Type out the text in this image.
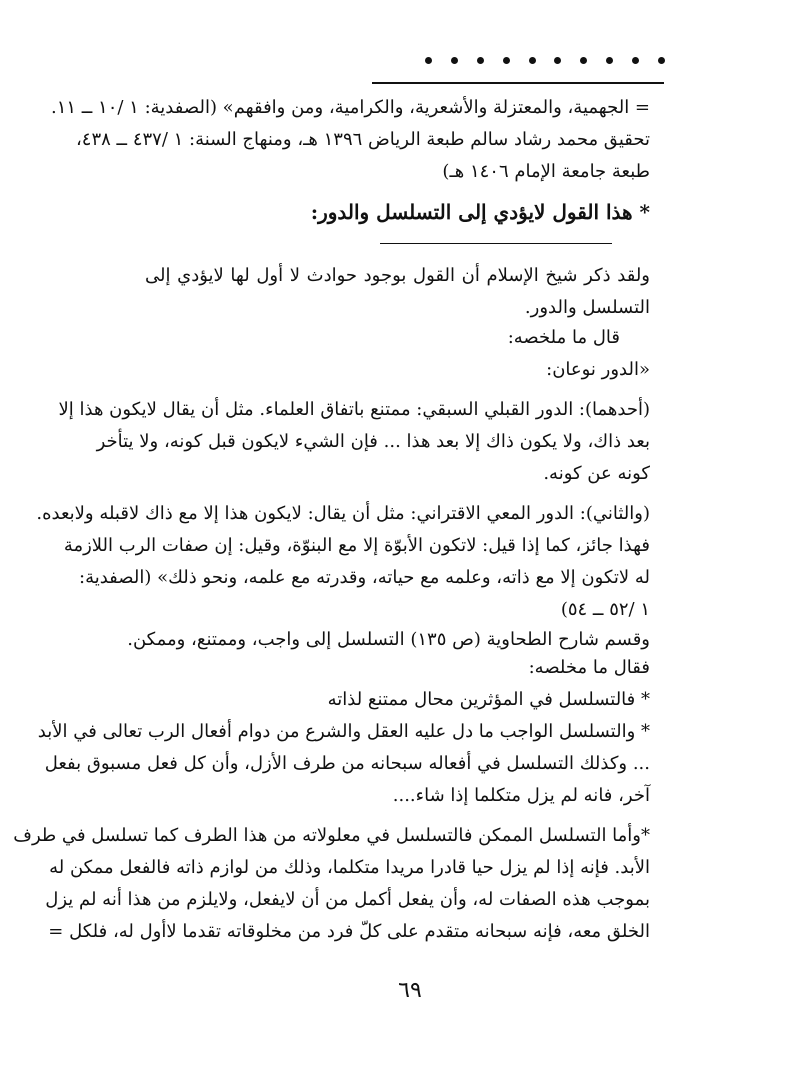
= الجهمية، والمعتزلة والأشعرية، والكرامية، ومن وافقهم» (الصفدية: ١ /١٠ ــ ١١.
تحقيق محمد رشاد سالم طبعة الرياض ١٣٩٦ هـ، ومنهاج السنة: ١ /٤٣٧ ــ ٤٣٨،
طبعة جامعة الإمام ١٤٠٦ هـ)
* هذا القول لايؤدي إلى التسلسل والدور:
ولقد ذكر شيخ الإسلام أن القول بوجود حوادث لا أول لها لايؤدي إلى
التسلسل والدور.
قال ما ملخصه:
«الدور نوعان:
(أحدهما): الدور القبلي السبقي: ممتنع باتفاق العلماء. مثل أن يقال لايكون هذا إلا
بعد ذاك، ولا يكون ذاك إلا بعد هذا ... فإن الشيء لايكون قبل كونه، ولا يتأخر
كونه عن كونه.
(والثاني): الدور المعي الاقتراني: مثل أن يقال: لايكون هذا إلا مع ذاك لاقبله ولابعده.
فهذا جائز، كما إذا قيل: لاتكون الأبوّة إلا مع البنوّة، وقيل: إن صفات الرب اللازمة
له لاتكون إلا مع ذاته، وعلمه مع حياته، وقدرته مع علمه، ونحو ذلك» (الصفدية:
١ /٥٢ ــ ٥٤)
وقسم شارح الطحاوية (ص ١٣٥) التسلسل إلى واجب، وممتنع، وممكن.
فقال ما مخلصه:
* فالتسلسل في المؤثرين محال ممتنع لذاته
* والتسلسل الواجب ما دل عليه العقل والشرع من دوام أفعال الرب تعالى في الأبد
... وكذلك التسلسل في أفعاله سبحانه من طرف الأزل، وأن كل فعل مسبوق بفعل
آخر، فانه لم يزل متكلما إذا شاء....
*وأما التسلسل الممكن فالتسلسل في معلولاته من هذا الطرف كما تسلسل في طرف
الأبد. فإنه إذا لم يزل حيا قادرا مريدا متكلما، وذلك من لوازم ذاته فالفعل ممكن له
بموجب هذه الصفات له، وأن يفعل أكمل من أن لايفعل، ولايلزم من هذا أنه لم يزل
الخلق معه، فإنه سبحانه متقدم على كلّ فرد من مخلوقاته تقدما لاأول له، فلكل =
٦٩
